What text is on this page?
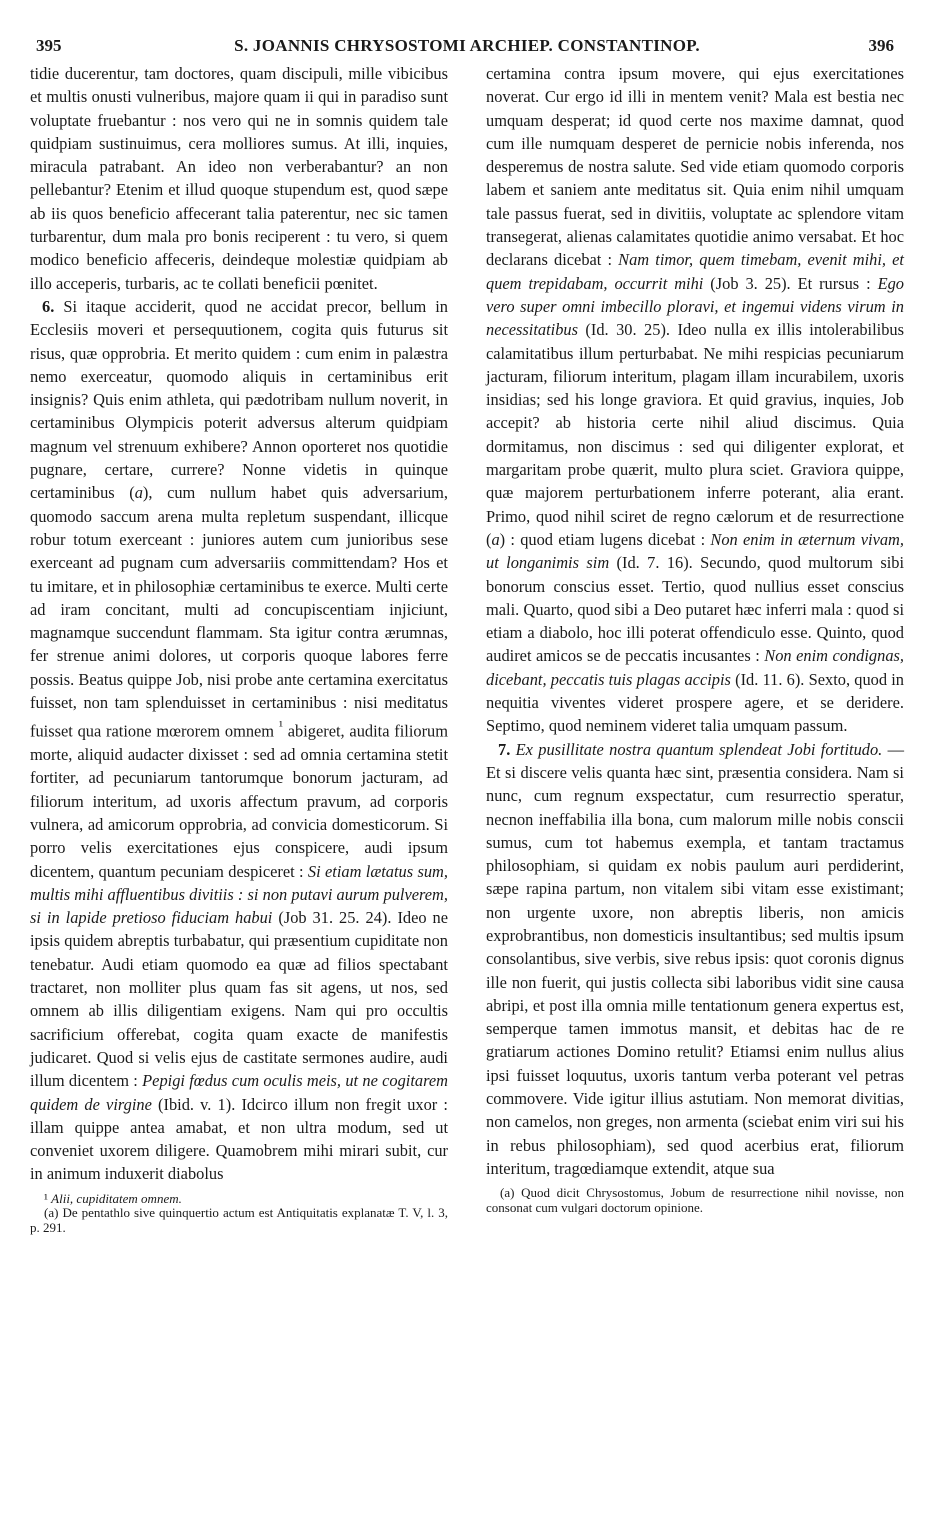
395	S. JOANNIS CHRYSOSTOMI ARCHIEP. CONSTANTINOP.	396

tidie ducerentur, tam doctores, quam discipuli, mille vibicibus et multis onusti vulneribus, majore quam ii qui in paradiso sunt voluptate fruebantur : nos vero qui ne in somnis quidem tale quidpiam sustinuimus, cera molliores sumus. At illi, inquies, miracula patrabant. An ideo non verberabantur? an non pellebantur? Etenim et illud quoque stupendum est, quod sæpe ab iis quos beneficio affecerant talia paterentur, nec sic tamen turbarentur, dum mala pro bonis reciperent : tu vero, si quem modico beneficio affeceris, deindeque molestiæ quidpiam ab illo acceperis, turbaris, ac te collati beneficii pœnitet.

6. Si itaque acciderit, quod ne accidat precor, bellum in Ecclesiis moveri et persequutionem, cogita quis futurus sit risus, quæ opprobria. Et merito quidem : cum enim in palæstra nemo exerceatur, quomodo aliquis in certaminibus erit insignis? Quis enim athleta, qui pædotribam nullum noverit, in certaminibus Olympicis poterit adversus alterum quidpiam magnum vel strenuum exhibere? Annon oporteret nos quotidie pugnare, certare, currere? Nonne videtis in quinque certaminibus (a), cum nullum habet quis adversarium, quomodo saccum arena multa repletum suspendant, illicque robur totum exerceant : juniores autem cum junioribus sese exerceant ad pugnam cum adversariis committendam? Hos et tu imitare, et in philosophiæ certaminibus te exerce. Multi certe ad iram concitant, multi ad concupiscentiam injiciunt, magnamque succendunt flammam. Sta igitur contra ærumnas, fer strenue animi dolores, ut corporis quoque labores ferre possis. Beatus quippe Job, nisi probe ante certamina exercitatus fuisset, non tam splenduisset in certaminibus : nisi meditatus fuisset qua ratione mœrorem omnem $^{^1}$ abigeret, audita filiorum morte, aliquid audacter dixisset : sed ad omnia certamina stetit fortiter, ad pecuniarum tantorumque bonorum jacturam, ad filiorum interitum, ad uxoris affectum pravum, ad corporis vulnera, ad amicorum opprobria, ad convicia domesticorum. Si porro velis exercitationes ejus conspicere, audi ipsum dicentem, quantum pecuniam despiceret : Si etiam lætatus sum, multis mihi affluentibus divitiis : si non putavi aurum pulverem, si in lapide pretioso fiduciam habui (Job 31. 25. 24). Ideo ne ipsis quidem abreptis turbabatur, qui præsentium cupiditate non tenebatur. Audi etiam quomodo ea quæ ad filios spectabant tractaret, non molliter plus quam fas sit agens, ut nos, sed omnem ab illis diligentiam exigens. Nam qui pro occultis sacrificium offerebat, cogita quam exacte de manifestis judicaret. Quod si velis ejus de castitate sermones audire, audi illum dicentem : Pepigi fœdus cum oculis meis, ut ne cogitarem quidem de virgine (Ibid. v. 1). Idcirco illum non fregit uxor : illam quippe antea amabat, et non ultra modum, sed ut conveniet uxorem diligere. Quamobrem mihi mirari subit, cur in animum induxerit diabolus

¹ Alii, cupiditatem omnem.
(a) De pentathlo sive quinquertio actum est Antiquitatis explanatæ T. V, l. 3, p. 291.

certamina contra ipsum movere, qui ejus exercitationes noverat. Cur ergo id illi in mentem venit? Mala est bestia nec umquam desperat; id quod certe nos maxime damnat, quod cum ille numquam desperet de pernicie nobis inferenda, nos desperemus de nostra salute. Sed vide etiam quomodo corporis labem et saniem ante meditatus sit. Quia enim nihil umquam tale passus fuerat, sed in divitiis, voluptate ac splendore vitam transegerat, alienas calamitates quotidie animo versabat. Et hoc declarans dicebat : Nam timor, quem timebam, evenit mihi, et quem trepidabam, occurrit mihi (Job 3. 25). Et rursus : Ego vero super omni imbecillo ploravi, et ingemui videns virum in necessitatibus (Id. 30. 25). Ideo nulla ex illis intolerabilibus calamitatibus illum perturbabat. Ne mihi respicias pecuniarum jacturam, filiorum interitum, plagam illam incurabilem, uxoris insidias; sed his longe graviora. Et quid gravius, inquies, Job accepit? ab historia certe nihil aliud discimus. Quia dormitamus, non discimus : sed qui diligenter explorat, et margaritam probe quærit, multo plura sciet. Graviora quippe, quæ majorem perturbationem inferre poterant, alia erant. Primo, quod nihil sciret de regno cælorum et de resurrectione (a) : quod etiam lugens dicebat : Non enim in æternum vivam, ut longanimis sim (Id. 7. 16). Secundo, quod multorum sibi bonorum conscius esset. Tertio, quod nullius esset conscius mali. Quarto, quod sibi a Deo putaret hæc inferri mala : quod si etiam a diabolo, hoc illi poterat offendiculo esse. Quinto, quod audiret amicos se de peccatis incusantes : Non enim condignas, dicebant, peccatis tuis plagas accipis (Id. 11. 6). Sexto, quod in nequitia viventes videret prospere agere, et se deridere. Septimo, quod neminem videret talia umquam passum.

7. Ex pusillitate nostra quantum splendeat Jobi fortitudo. — Et si discere velis quanta hæc sint, præsentia considera. Nam si nunc, cum regnum exspectatur, cum resurrectio speratur, necnon ineffabilia illa bona, cum malorum mille nobis conscii sumus, cum tot habemus exempla, et tantam tractamus philosophiam, si quidam ex nobis paulum auri perdiderint, sæpe rapina partum, non vitalem sibi vitam esse existimant; non urgente uxore, non abreptis liberis, non amicis exprobrantibus, non domesticis insultantibus; sed multis ipsum consolantibus, sive verbis, sive rebus ipsis: quot coronis dignus ille non fuerit, qui justis collecta sibi laboribus vidit sine causa abripi, et post illa omnia mille tentationum genera expertus est, semperque tamen immotus mansit, et debitas hac de re gratiarum actiones Domino retulit? Etiamsi enim nullus alius ipsi fuisset loquutus, uxoris tantum verba poterant vel petras commovere. Vide igitur illius astutiam. Non memorat divitias, non camelos, non greges, non armenta (sciebat enim viri sui his in rebus philosophiam), sed quod acerbius erat, filiorum interitum, tragœdiamque extendit, atque sua

(a) Quod dicit Chrysostomus, Jobum de resurrectione nihil novisse, non consonat cum vulgari doctorum opinione.
